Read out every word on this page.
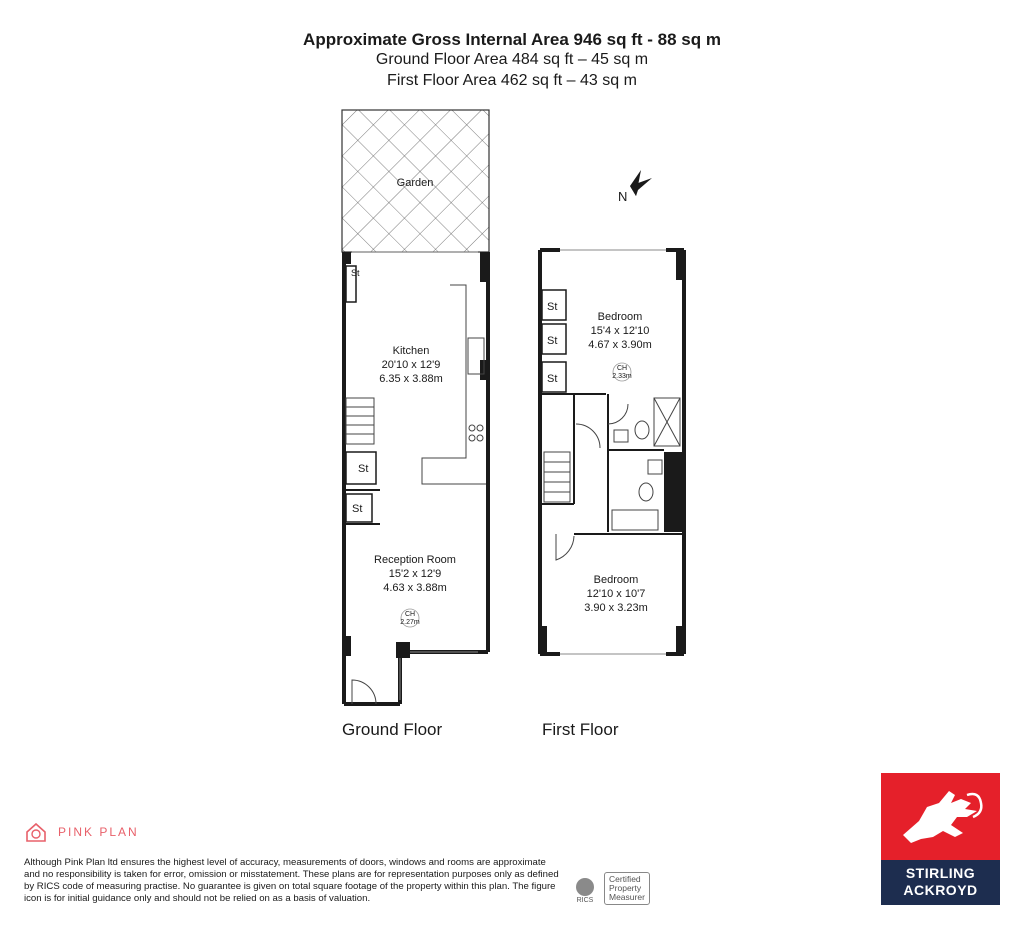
Approximate Gross Internal Area 946 sq ft - 88 sq m
Ground Floor Area 484 sq ft – 45 sq m
First Floor Area 462 sq ft – 43 sq m
N
Garden
St
St
St
Kitchen
20'10 x 12'9
6.35 x 3.88m
Reception Room
15'2 x 12'9
4.63 x 3.88m
CH
2.27m
St
St
St
Bedroom
15'4 x 12'10
4.67 x 3.90m
CH
2.33m
Bedroom
12'10 x 10'7
3.90 x 3.23m
Ground Floor	First Floor
PINK PLAN
Although Pink Plan ltd ensures the highest level of accuracy, measurements of doors, windows and rooms are approximate and no responsibility is taken for error, omission or misstatement. These plans are for representation purposes only as defined by RICS code of measuring practise. No guarantee is given on total square footage of the property within this plan. The figure icon is for initial guidance only and should not be relied on as a basis of valuation.	RICS
Certified
Property
Measurer
STIRLING
ACKROYD
